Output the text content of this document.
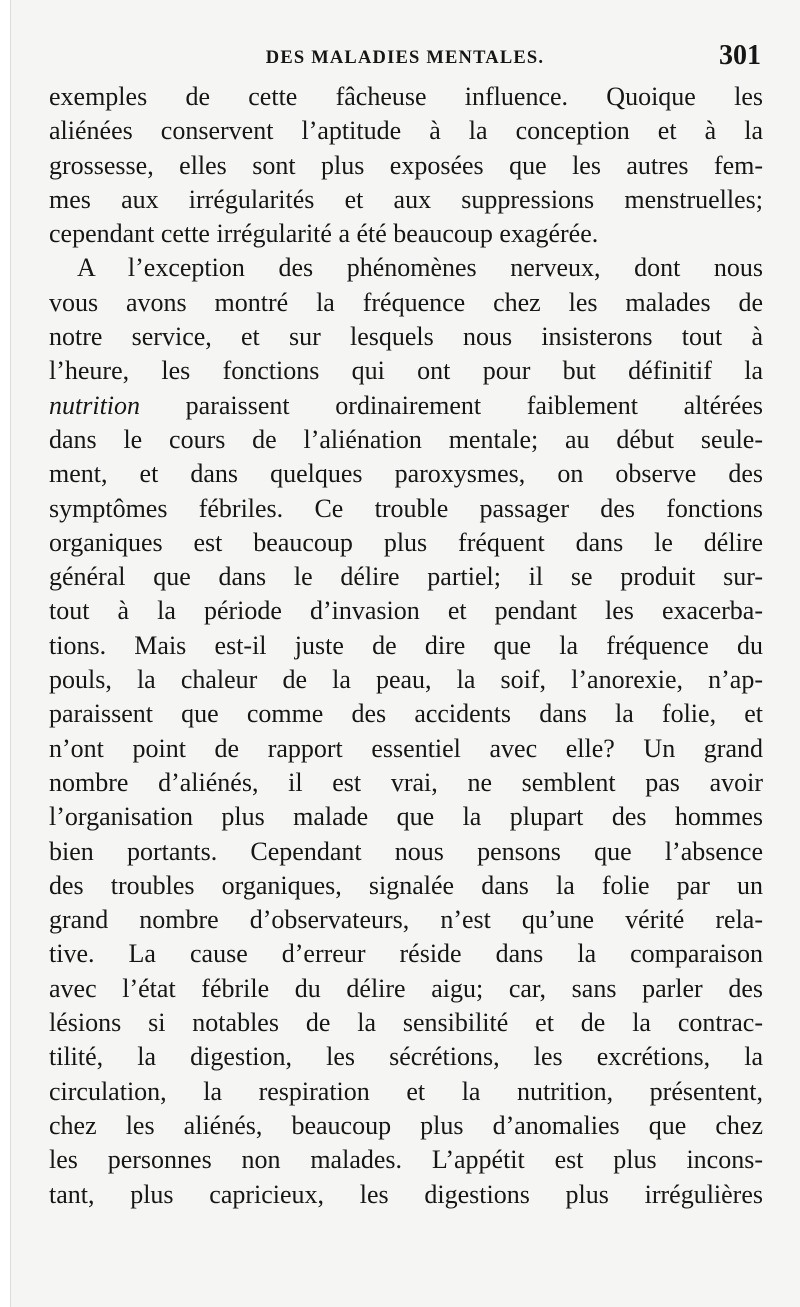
DES MALADIES MENTALES.	301
exemples de cette fâcheuse influence. Quoique les
aliénées conservent l’aptitude à la conception et à la
grossesse, elles sont plus exposées que les autres fem-
mes aux irrégularités et aux suppressions menstruelles;
cependant cette irrégularité a été beaucoup exagérée.
A l’exception des phénomènes nerveux, dont nous
vous avons montré la fréquence chez les malades de
notre service, et sur lesquels nous insisterons tout à
l’heure, les fonctions qui ont pour but définitif la
nutrition paraissent ordinairement faiblement altérées
dans le cours de l’aliénation mentale; au début seule-
ment, et dans quelques paroxysmes, on observe des
symptômes fébriles. Ce trouble passager des fonctions
organiques est beaucoup plus fréquent dans le délire
général que dans le délire partiel; il se produit sur-
tout à la période d’invasion et pendant les exacerba-
tions. Mais est-il juste de dire que la fréquence du
pouls, la chaleur de la peau, la soif, l’anorexie, n’ap-
paraissent que comme des accidents dans la folie, et
n’ont point de rapport essentiel avec elle? Un grand
nombre d’aliénés, il est vrai, ne semblent pas avoir
l’organisation plus malade que la plupart des hommes
bien portants. Cependant nous pensons que l’absence
des troubles organiques, signalée dans la folie par un
grand nombre d’observateurs, n’est qu’une vérité rela-
tive. La cause d’erreur réside dans la comparaison
avec l’état fébrile du délire aigu; car, sans parler des
lésions si notables de la sensibilité et de la contrac-
tilité, la digestion, les sécrétions, les excrétions, la
circulation, la respiration et la nutrition, présentent,
chez les aliénés, beaucoup plus d’anomalies que chez
les personnes non malades. L’appétit est plus incons-
tant, plus capricieux, les digestions plus irrégulières
